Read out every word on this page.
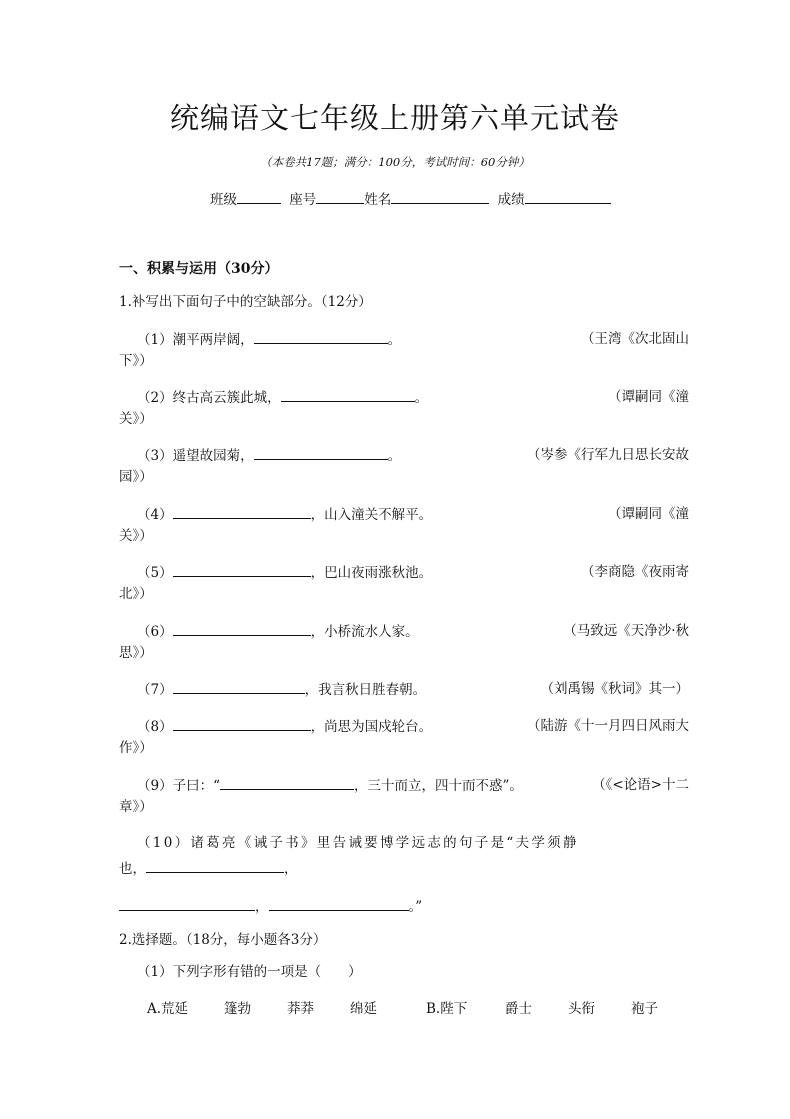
统编语文七年级上册第六单元试卷
（本卷共17题；满分：100分，考试时间：60分钟）
班级	座号	姓名	成绩
一、积累与运用（30分）
1.补写出下面句子中的空缺部分。（12分）
（1）潮平两岸阔，	。	（王湾《次北固山
下》）
（2）终古高云簇此城，	。	（谭嗣同《潼
关》）
（3）遥望故园菊，	。	（岑参《行军九日思长安故
园》）
（4）	，山入潼关不解平。	（谭嗣同《潼
关》）
（5）	，巴山夜雨涨秋池。	（李商隐《夜雨寄
北》）
（6）	，小桥流水人家。	（马致远《天净沙·秋
思》）
（7）	，我言秋日胜春朝。	（刘禹锡《秋词》其一）
（8）	，尚思为国戍轮台。	（陆游《十一月四日风雨大
作》）
（9）子曰：“	，三十而立，四十而不惑”。	（《<论语>十二
章》）
（10）诸葛亮《诫子书》里告诫要博学远志的句子是“夫学须静
也，	，
，	。”
2.选择题。（18分，每小题各3分）
（1）下列字形有错的一项是（　　）
A.荒延	篷勃	莽莽	绵延	B.陛下	爵士	头衔	袍子
